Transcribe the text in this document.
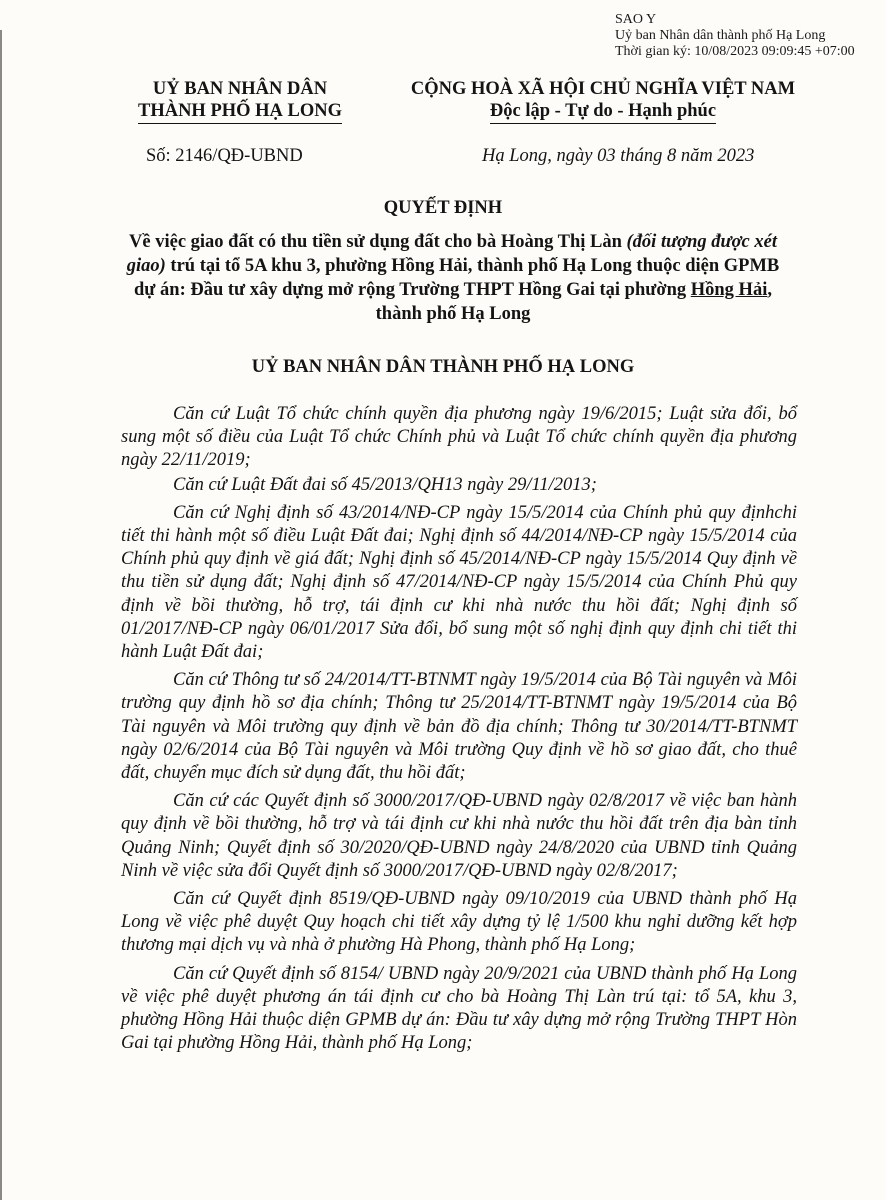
SAO Y
Uỷ ban Nhân dân thành phố Hạ Long
Thời gian ký: 10/08/2023 09:09:45 +07:00
UỶ BAN NHÂN DÂN
THÀNH PHỐ HẠ LONG
CỘNG HOÀ XÃ HỘI CHỦ NGHĨA VIỆT NAM
Độc lập - Tự do - Hạnh phúc
Số: 2146/QĐ-UBND	Hạ Long, ngày 03 tháng 8 năm 2023
QUYẾT ĐỊNH
Về việc giao đất có thu tiền sử dụng đất cho bà Hoàng Thị Làn (đối tượng được xét giao) trú tại tổ 5A khu 3, phường Hồng Hải, thành phố Hạ Long thuộc diện GPMB dự án: Đầu tư xây dựng mở rộng Trường THPT Hồng Gai tại phường Hồng Hải, thành phố Hạ Long
UỶ BAN NHÂN DÂN THÀNH PHỐ HẠ LONG

Căn cứ Luật Tổ chức chính quyền địa phương ngày 19/6/2015; Luật sửa đổi, bổ sung một số điều của Luật Tổ chức Chính phủ và Luật Tổ chức chính quyền địa phương ngày 22/11/2019;

Căn cứ Luật Đất đai số 45/2013/QH13 ngày 29/11/2013;

Căn cứ Nghị định số 43/2014/NĐ-CP ngày 15/5/2014 của Chính phủ quy địnhchi tiết thi hành một số điều Luật Đất đai; Nghị định số 44/2014/NĐ-CP ngày 15/5/2014 của Chính phủ quy định về giá đất; Nghị định số 45/2014/NĐ-CP ngày 15/5/2014 Quy định về thu tiền sử dụng đất; Nghị định số 47/2014/NĐ-CP ngày 15/5/2014 của Chính Phủ quy định về bồi thường, hỗ trợ, tái định cư khi nhà nước thu hồi đất; Nghị định số 01/2017/NĐ-CP ngày 06/01/2017 Sửa đổi, bổ sung một số nghị định quy định chi tiết thi hành Luật Đất đai;

Căn cứ Thông tư số 24/2014/TT-BTNMT ngày 19/5/2014 của Bộ Tài nguyên và Môi trường quy định hồ sơ địa chính; Thông tư 25/2014/TT-BTNMT ngày 19/5/2014 của Bộ Tài nguyên và Môi trường quy định về bản đồ địa chính; Thông tư 30/2014/TT-BTNMT ngày 02/6/2014 của Bộ Tài nguyên và Môi trường Quy định về hồ sơ giao đất, cho thuê đất, chuyển mục đích sử dụng đất, thu hồi đất;

Căn cứ các Quyết định số 3000/2017/QĐ-UBND ngày 02/8/2017 về việc ban hành quy định về bồi thường, hỗ trợ và tái định cư khi nhà nước thu hồi đất trên địa bàn tỉnh Quảng Ninh; Quyết định số 30/2020/QĐ-UBND ngày 24/8/2020 của UBND tỉnh Quảng Ninh về việc sửa đổi Quyết định số 3000/2017/QĐ-UBND ngày 02/8/2017;

Căn cứ Quyết định 8519/QĐ-UBND ngày 09/10/2019 của UBND thành phố Hạ Long về việc phê duyệt Quy hoạch chi tiết xây dựng tỷ lệ 1/500 khu nghỉ dưỡng kết hợp thương mại dịch vụ và nhà ở phường Hà Phong, thành phố Hạ Long;

Căn cứ Quyết định số 8154/ UBND ngày 20/9/2021 của UBND thành phố Hạ Long về việc phê duyệt phương án tái định cư cho bà Hoàng Thị Làn trú tại: tổ 5A, khu 3, phường Hồng Hải thuộc diện GPMB dự án: Đầu tư xây dựng mở rộng Trường THPT Hòn Gai tại phường Hồng Hải, thành phố Hạ Long;
